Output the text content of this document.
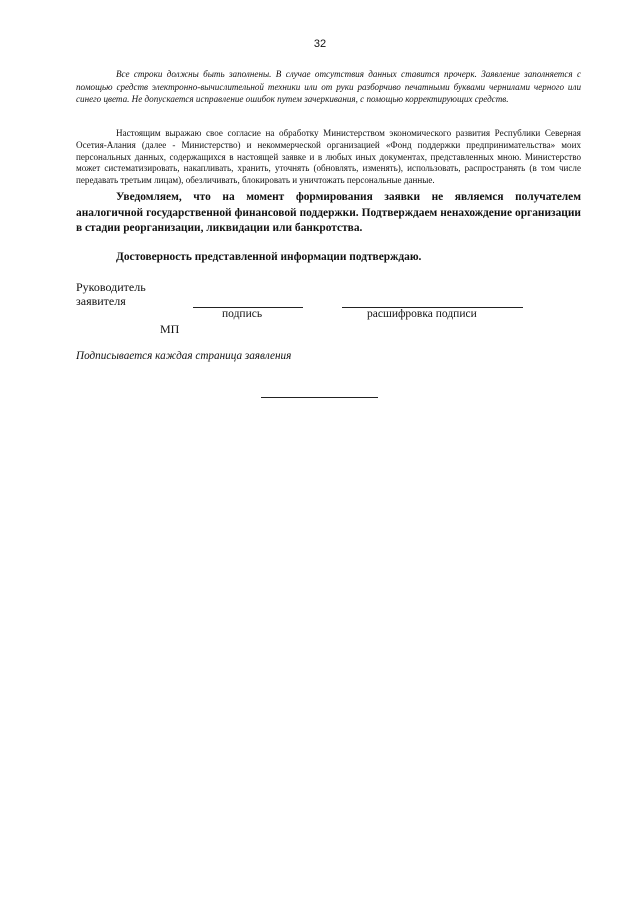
32
Все строки должны быть заполнены. В случае отсутствия данных ставится прочерк. Заявление заполняется с помощью средств электронно-вычислительной техники или от руки разборчиво печатными буквами чернилами черного или синего цвета. Не допускается исправление ошибок путем зачеркивания, с помощью корректирующих средств.
Настоящим выражаю свое согласие на обработку Министерством экономического развития Республики Северная Осетия-Алания (далее - Министерство) и некоммерческой организацией «Фонд поддержки предпринимательства» моих персональных данных, содержащихся в настоящей заявке и в любых иных документах, представленных мною. Министерство может систематизировать, накапливать, хранить, уточнять (обновлять, изменять), использовать, распространять (в том числе передавать третьим лицам), обезличивать, блокировать и уничтожать персональные данные.
Уведомляем, что на момент формирования заявки не являемся получателем аналогичной государственной финансовой поддержки. Подтверждаем ненахождение организации в стадии реорганизации, ликвидации или банкротства.
Достоверность представленной информации подтверждаю.
Руководитель
заявителя
подпись	расшифровка подписи
МП
Подписывается каждая страница заявления
